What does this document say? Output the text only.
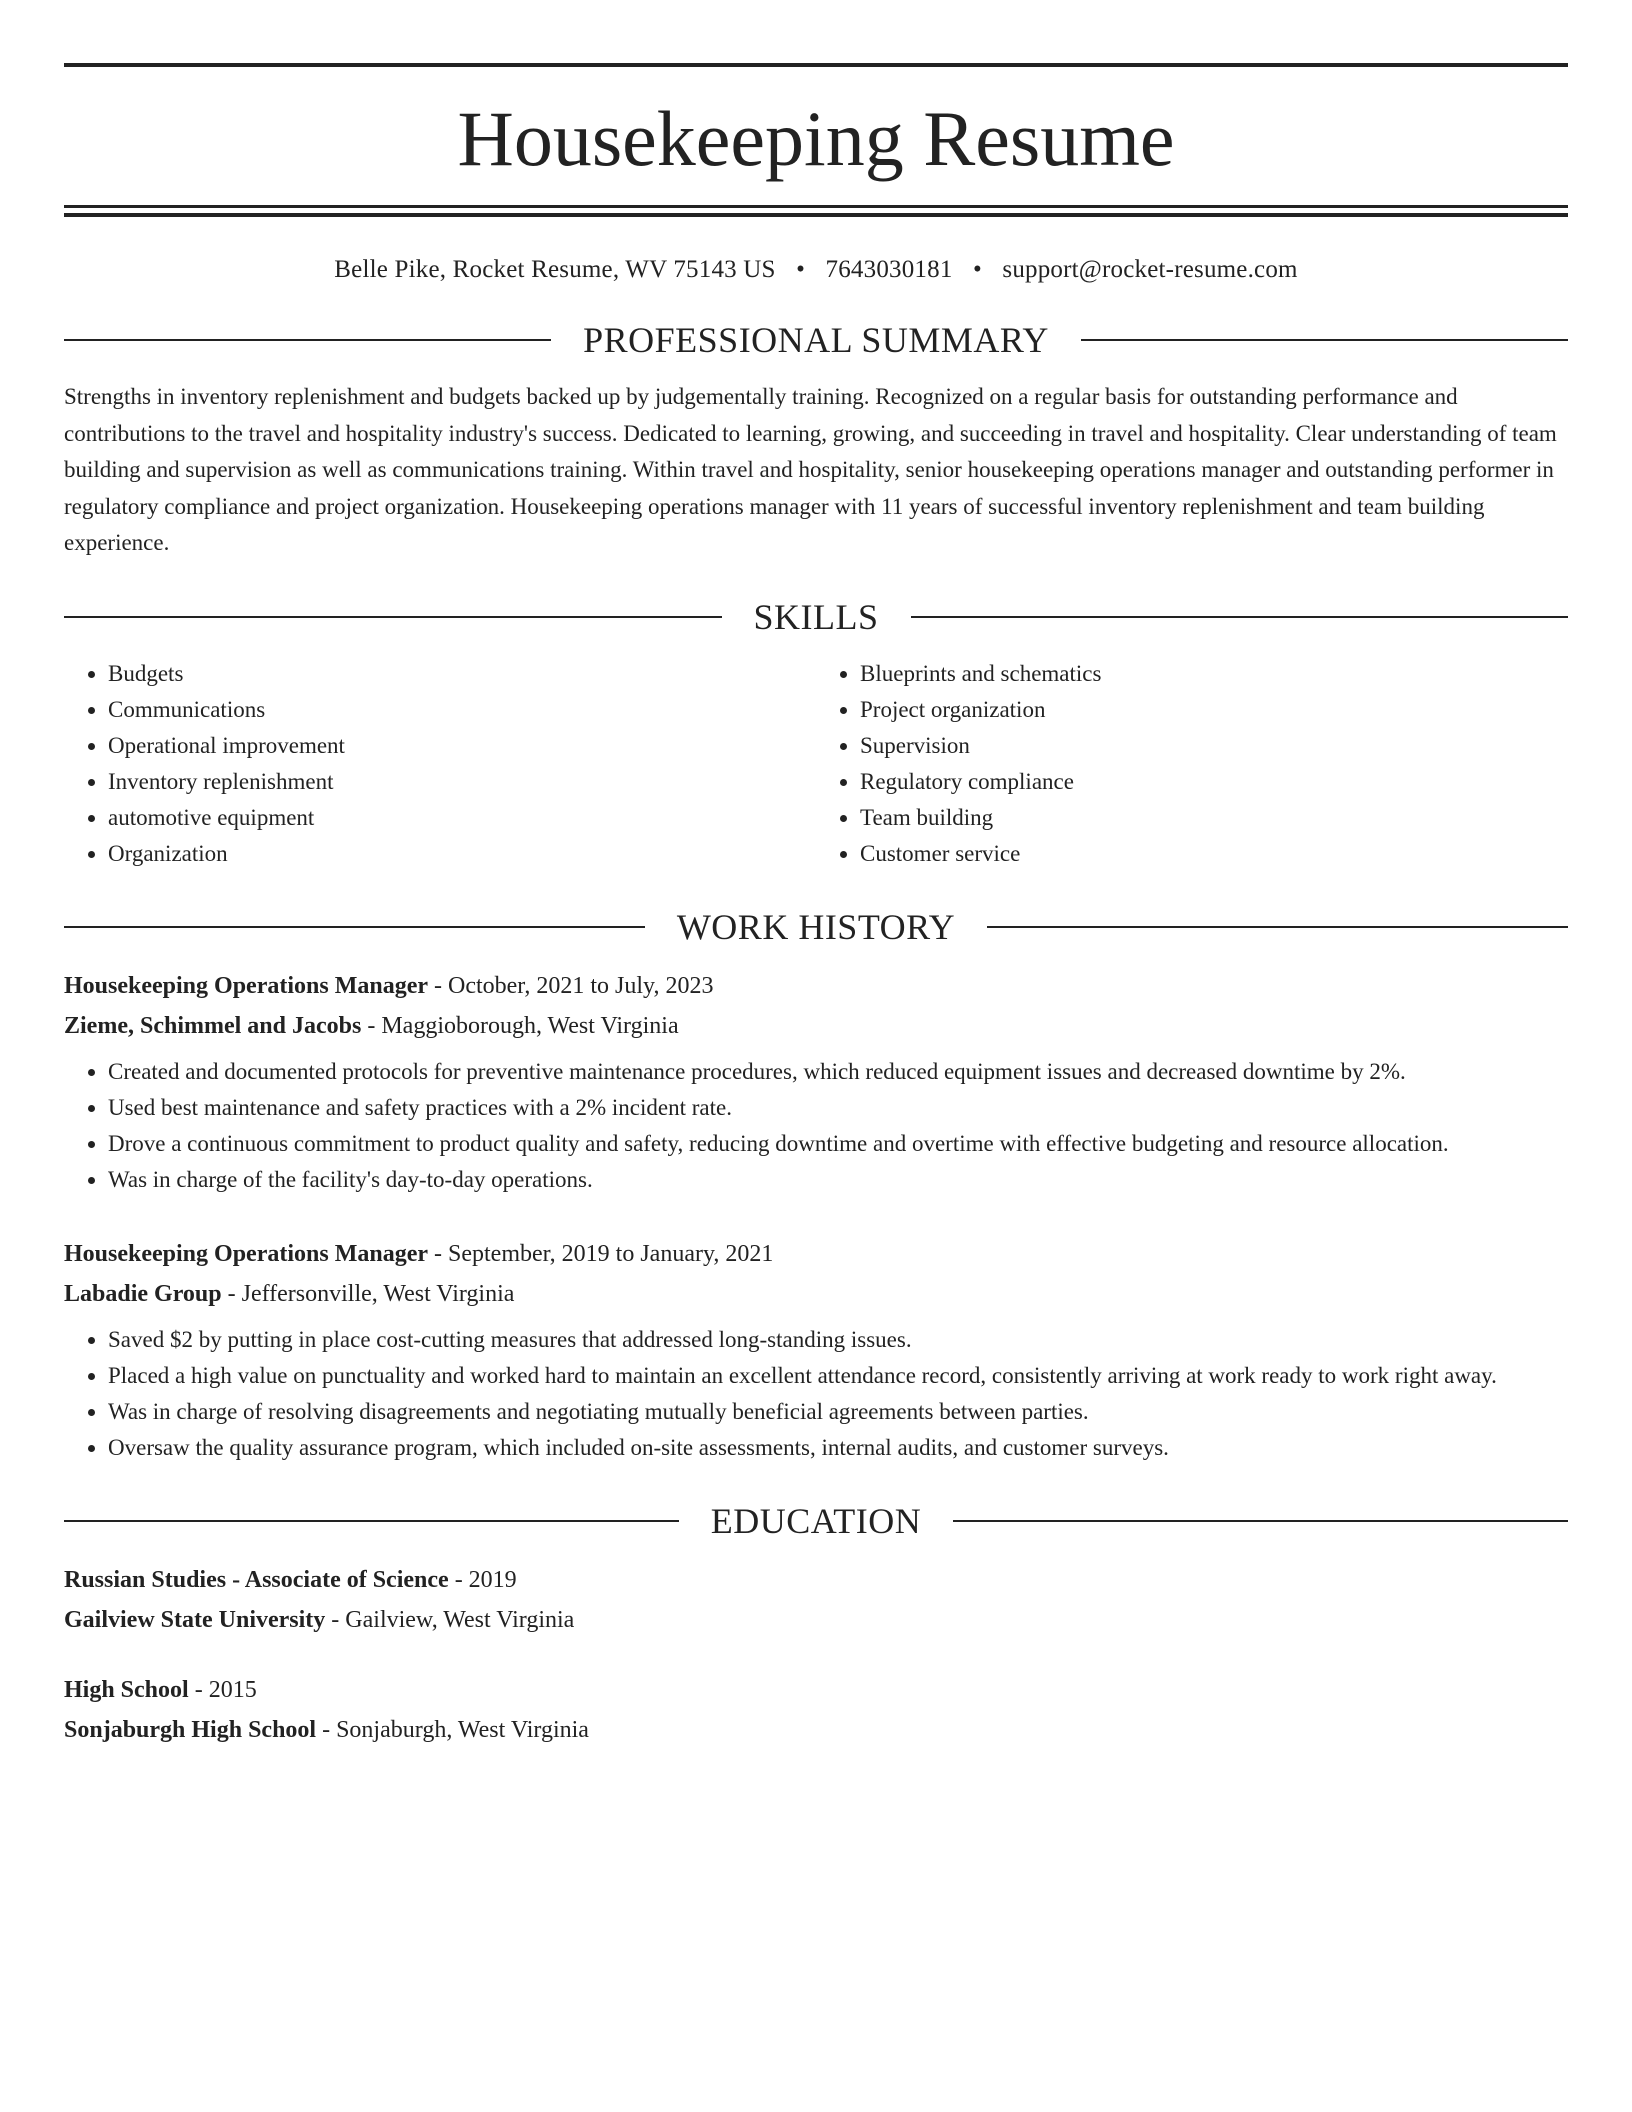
Housekeeping Resume
Belle Pike, Rocket Resume, WV 75143 US • 7643030181 • support@rocket-resume.com
PROFESSIONAL SUMMARY

Strengths in inventory replenishment and budgets backed up by judgementally training. Recognized on a regular basis for outstanding performance and contributions to the travel and hospitality industry's success. Dedicated to learning, growing, and succeeding in travel and hospitality. Clear understanding of team building and supervision as well as communications training. Within travel and hospitality, senior housekeeping operations manager and outstanding performer in regulatory compliance and project organization. Housekeeping operations manager with 11 years of successful inventory replenishment and team building experience.

SKILLS
• Budgets
• Communications
• Operational improvement
• Inventory replenishment
• automotive equipment
• Organization
• Blueprints and schematics
• Project organization
• Supervision
• Regulatory compliance
• Team building
• Customer service
WORK HISTORY
Housekeeping Operations Manager - October, 2021 to July, 2023
Zieme, Schimmel and Jacobs - Maggioborough, West Virginia
• Created and documented protocols for preventive maintenance procedures, which reduced equipment issues and decreased downtime by 2%.
• Used best maintenance and safety practices with a 2% incident rate.
• Drove a continuous commitment to product quality and safety, reducing downtime and overtime with effective budgeting and resource allocation.
• Was in charge of the facility's day-to-day operations.
Housekeeping Operations Manager - September, 2019 to January, 2021
Labadie Group - Jeffersonville, West Virginia
• Saved $2 by putting in place cost-cutting measures that addressed long-standing issues.
• Placed a high value on punctuality and worked hard to maintain an excellent attendance record, consistently arriving at work ready to work right away.
• Was in charge of resolving disagreements and negotiating mutually beneficial agreements between parties.
• Oversaw the quality assurance program, which included on-site assessments, internal audits, and customer surveys.
EDUCATION
Russian Studies - Associate of Science - 2019
Gailview State University - Gailview, West Virginia
High School - 2015
Sonjaburgh High School - Sonjaburgh, West Virginia
